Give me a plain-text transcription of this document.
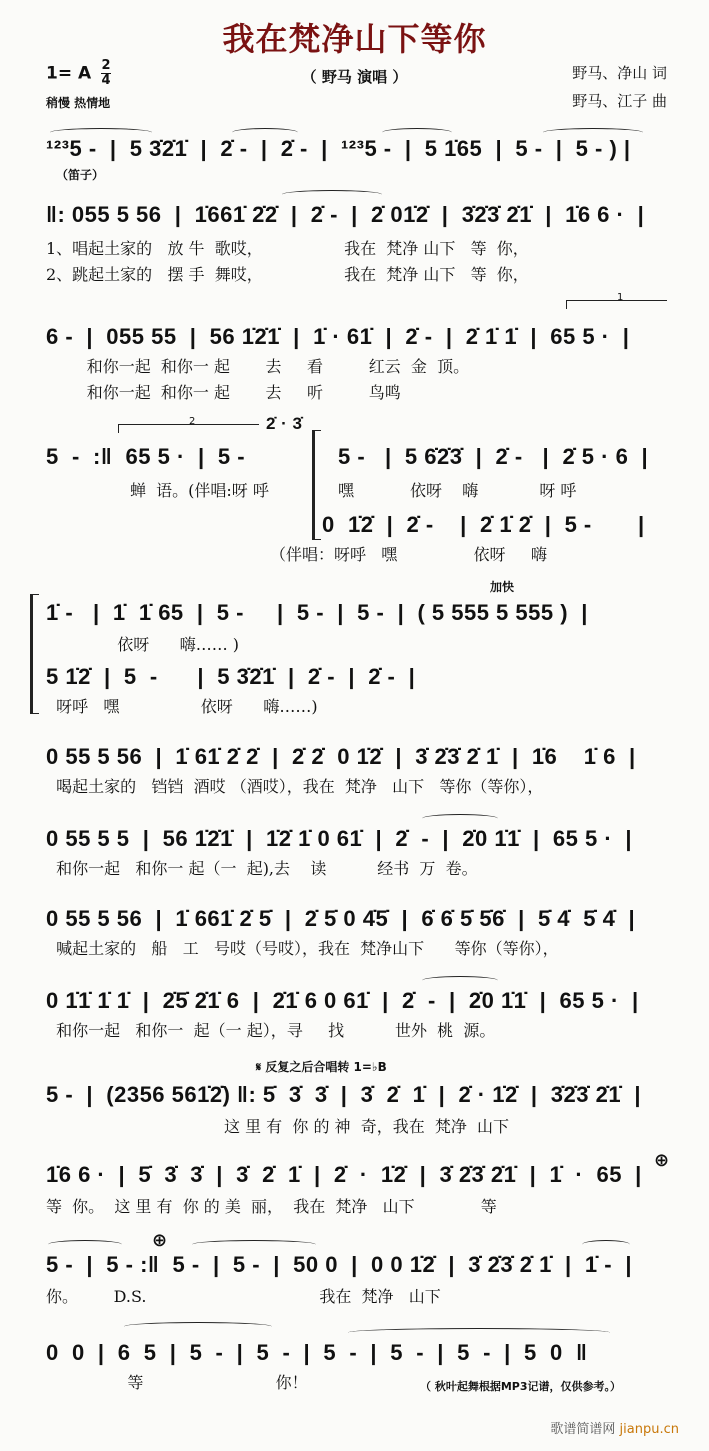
我在梵净山下等你
1= A $\frac{2}{4}$
稍慢 热情地
（ 野马 演唱 ）	野马、净山 词
野马、江子 曲
¹²³5 -  |  5 3̇2̇1̇  |  2̇ -  |  2̇ -  |  ¹²³5 -  |  5 1̇65  |  5 -  |  5 - ) |
（笛子）
‖: 055 5 56  |  1̇661̇ 2̇2̇  |  2̇ -  |  2̇ 01̇2̇  |  3̇2̇3̇ 2̇1̇  |  1̇6 6 ·  |
1、唱起土家的   放 牛  歌哎，                我在  梵净 山下   等  你，
2、跳起土家的   摆 手  舞哎，                我在  梵净 山下   等  你，
1
6 -  |  055 55  |  56 1̇2̇1̇  |  1̇ · 61̇  |  2̇ -  |  2̇ 1̇ 1̇  |  65 5 ·  |
和你一起  和你一 起       去     看         红云  金  顶。
和你一起  和你一 起       去     听         鸟鸣
2	2̇ · 3̇
5  -  :‖  65 5 ·  |  5 -	5 -   |  5 6̇2̇3̇  |  2̇ -   |  2̇ 5 · 6  |
蝉  语。(伴唱:呀 呼	嘿           依呀    嗨            呀 呼
0  1̇2̇  |  2̇ -    |  2̇ 1̇ 2̇  |  5 -       |
（伴唱：呀呼   嘿               依呀     嗨
加快
1̇ -   |  1̇  1̇ 65  |  5 -     |  5 -  |  5 -  |  ( 5 555 5 555 )  |
依呀      嗨…… )
5 1̇2̇  |  5  -      |  5 3̇2̇1̇  |  2̇ -  |  2̇ -  |
呀呼   嘿                依呀      嗨……)
0 55 5 56  |  1̇ 61̇ 2̇ 2̇  |  2̇ 2̇  0 1̇2̇  |  3̇ 2̇3̇ 2̇ 1̇  |  1̇6    1̇ 6  |
喝起土家的   铛铛  酒哎 （酒哎），我在  梵净   山下   等你（等你），
0 55 5 5  |  56 1̇2̇1̇  |  1̇2̇ 1̇ 0 61̇  |  2̇  -  |  2̇0 1̇1̇  |  65 5 ·  |
和你一起   和你一 起（一  起),去    读          经书  万  卷。
0 55 5 56  |  1̇ 661̇ 2̇ 5̇  |  2̇ 5̇ 0 4̇5̇  |  6̇ 6̇ 5̇ 5̇6̇  |  5̇ 4̇  5̇ 4̇  |
喊起土家的   船   工   号哎（号哎），我在  梵净山下      等你（等你），
0 1̇1̇ 1̇ 1̇  |  2̇5̇ 2̇1̇ 6  |  2̇1̇ 6 0 61̇  |  2̇  -  |  2̇0 1̇1̇  |  65 5 ·  |
和你一起   和你一  起（一 起），寻     找          世外  桃  源。
𝄋 反复之后合唱转 1=♭B
5 -  |  (2356 561̇2̇) ‖: 5̇  3̇  3̇  |  3̇  2̇  1̇  |  2̇ · 1̇2̇  |  3̇2̇3̇ 2̇1̇  |
这 里 有  你 的 神  奇，我在  梵净  山下
⊕
1̇6 6 ·  |  5̇  3̇  3̇  |  3̇  2̇  1̇  |  2̇  ·  1̇2̇  |  3̇ 2̇3̇ 2̇1̇  |  1̇  ·  65  |
等  你。  这 里 有  你 的 美  丽，  我在  梵净   山下             等
⊕
5 -  |  5 - :‖  5 -  |  5 -  |  50 0  |  0 0 1̇2̇  |  3̇ 2̇3̇ 2̇ 1̇  |  1̇ -  |
你。       D.S.                                  我在  梵净   山下
0  0  |  6  5  |  5  -  |  5  -  |  5  -  |  5  -  |  5  -  |  5  0  ‖
等                          你！	（ 秋叶起舞根据MP3记谱，仅供参考。）
歌谱简谱网 jianpu.cn
